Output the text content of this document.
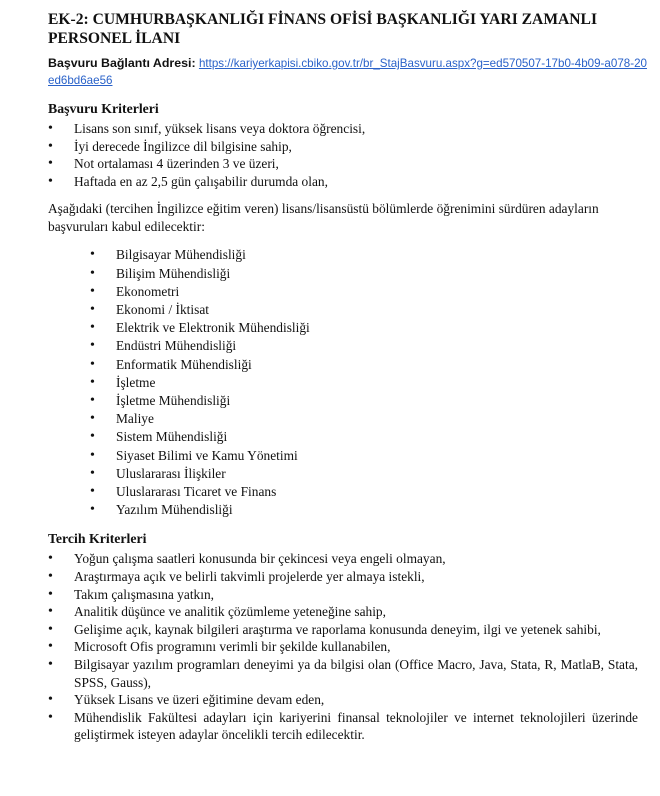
EK-2: CUMHURBAŞKANLIĞI FİNANS OFİSİ BAŞKANLIĞI YARI ZAMANLI PERSONEL İLANI
Başvuru Bağlantı Adresi: https://kariyerkapisi.cbiko.gov.tr/br_StajBasvuru.aspx?g=ed570507-17b0-4b09-a078-20ed6bd6ae56
Başvuru Kriterleri
• Lisans son sınıf, yüksek lisans veya doktora öğrencisi,
• İyi derecede İngilizce dil bilgisine sahip,
• Not ortalaması 4 üzerinden 3 ve üzeri,
• Haftada en az 2,5 gün çalışabilir durumda olan,

Aşağıdaki (tercihen İngilizce eğitim veren) lisans/lisansüstü bölümlerde öğrenimini sürdüren adayların başvuruları kabul edilecektir:

• Bilgisayar Mühendisliği
• Bilişim Mühendisliği
• Ekonometri
• Ekonomi / İktisat
• Elektrik ve Elektronik Mühendisliği
• Endüstri Mühendisliği
• Enformatik Mühendisliği
• İşletme
• İşletme Mühendisliği
• Maliye
• Sistem Mühendisliği
• Siyaset Bilimi ve Kamu Yönetimi
• Uluslararası İlişkiler
• Uluslararası Ticaret ve Finans
• Yazılım Mühendisliği
Tercih Kriterleri
• Yoğun çalışma saatleri konusunda bir çekincesi veya engeli olmayan,
• Araştırmaya açık ve belirli takvimli projelerde yer almaya istekli,
• Takım çalışmasına yatkın,
• Analitik düşünce ve analitik çözümleme yeteneğine sahip,
• Gelişime açık, kaynak bilgileri araştırma ve raporlama konusunda deneyim, ilgi ve yetenek sahibi,
• Microsoft Ofis programını verimli bir şekilde kullanabilen,
• Bilgisayar yazılım programları deneyimi ya da bilgisi olan (Office Macro, Java, Stata, R, MatlaB, Stata, SPSS, Gauss),
• Yüksek Lisans ve üzeri eğitimine devam eden,
• Mühendislik Fakültesi adayları için kariyerini finansal teknolojiler ve internet teknolojileri üzerinde geliştirmek isteyen adaylar öncelikli tercih edilecektir.
